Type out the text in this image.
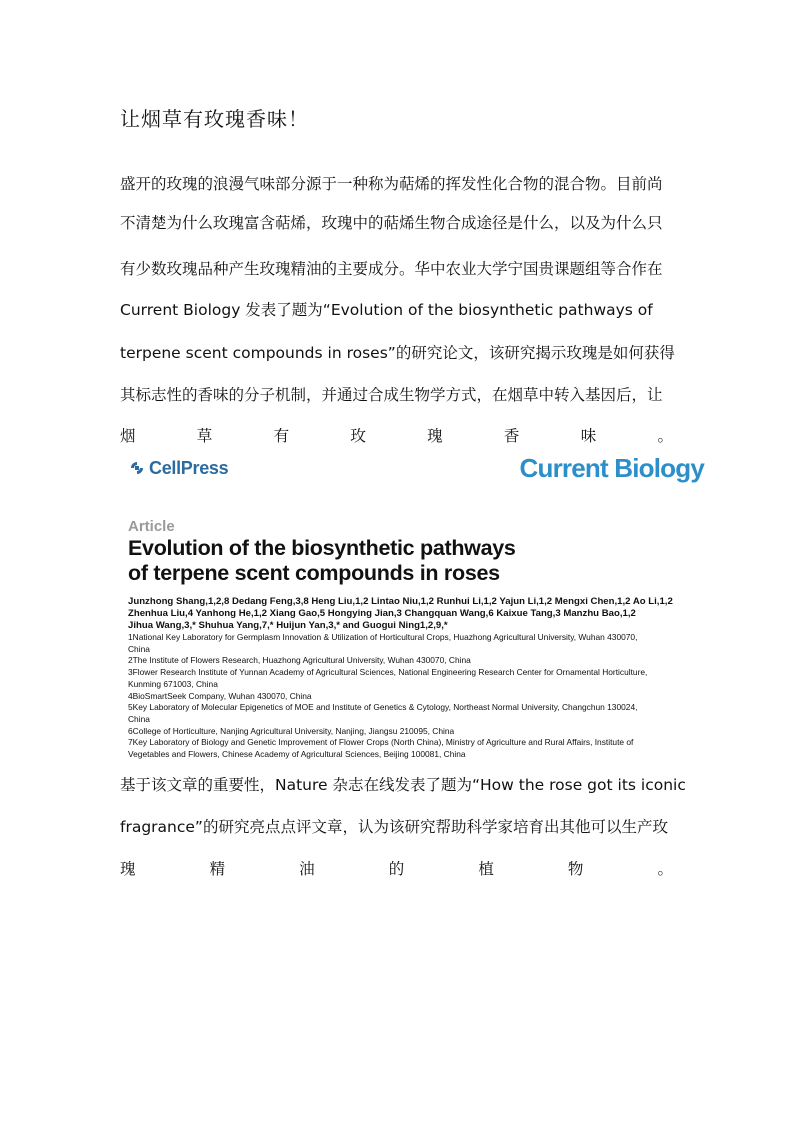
让烟草有玫瑰香味！
盛开的玫瑰的浪漫气味部分源于一种称为萜烯的挥发性化合物的混合物。目前尚
不清楚为什么玫瑰富含萜烯，玫瑰中的萜烯生物合成途径是什么，以及为什么只
有少数玫瑰品种产生玫瑰精油的主要成分。华中农业大学宁国贵课题组等合作在
Current Biology 发表了题为“Evolution of the biosynthetic pathways of
terpene scent compounds in roses”的研究论文，该研究揭示玫瑰是如何获得
其标志性的香味的分子机制，并通过合成生物学方式，在烟草中转入基因后，让
烟	草	有	玫	瑰	香	味	。
CellPress	Current Biology
Article
Evolution of the biosynthetic pathways
of terpene scent compounds in roses
Junzhong Shang,1,2,8 Dedang Feng,3,8 Heng Liu,1,2 Lintao Niu,1,2 Runhui Li,1,2 Yajun Li,1,2 Mengxi Chen,1,2 Ao Li,1,2
Zhenhua Liu,4 Yanhong He,1,2 Xiang Gao,5 Hongying Jian,3 Changquan Wang,6 Kaixue Tang,3 Manzhu Bao,1,2
Jihua Wang,3,* Shuhua Yang,7,* Huijun Yan,3,* and Guogui Ning1,2,9,*
1National Key Laboratory for Germplasm Innovation & Utilization of Horticultural Crops, Huazhong Agricultural University, Wuhan 430070,
China
2The Institute of Flowers Research, Huazhong Agricultural University, Wuhan 430070, China
3Flower Research Institute of Yunnan Academy of Agricultural Sciences, National Engineering Research Center for Ornamental Horticulture,
Kunming 671003, China
4BioSmartSeek Company, Wuhan 430070, China
5Key Laboratory of Molecular Epigenetics of MOE and Institute of Genetics & Cytology, Northeast Normal University, Changchun 130024,
China
6College of Horticulture, Nanjing Agricultural University, Nanjing, Jiangsu 210095, China
7Key Laboratory of Biology and Genetic Improvement of Flower Crops (North China), Ministry of Agriculture and Rural Affairs, Institute of
Vegetables and Flowers, Chinese Academy of Agricultural Sciences, Beijing 100081, China
基于该文章的重要性，Nature 杂志在线发表了题为“How the rose got its iconic
fragrance”的研究亮点点评文章，认为该研究帮助科学家培育出其他可以生产玫
瑰	精	油	的	植	物	。
